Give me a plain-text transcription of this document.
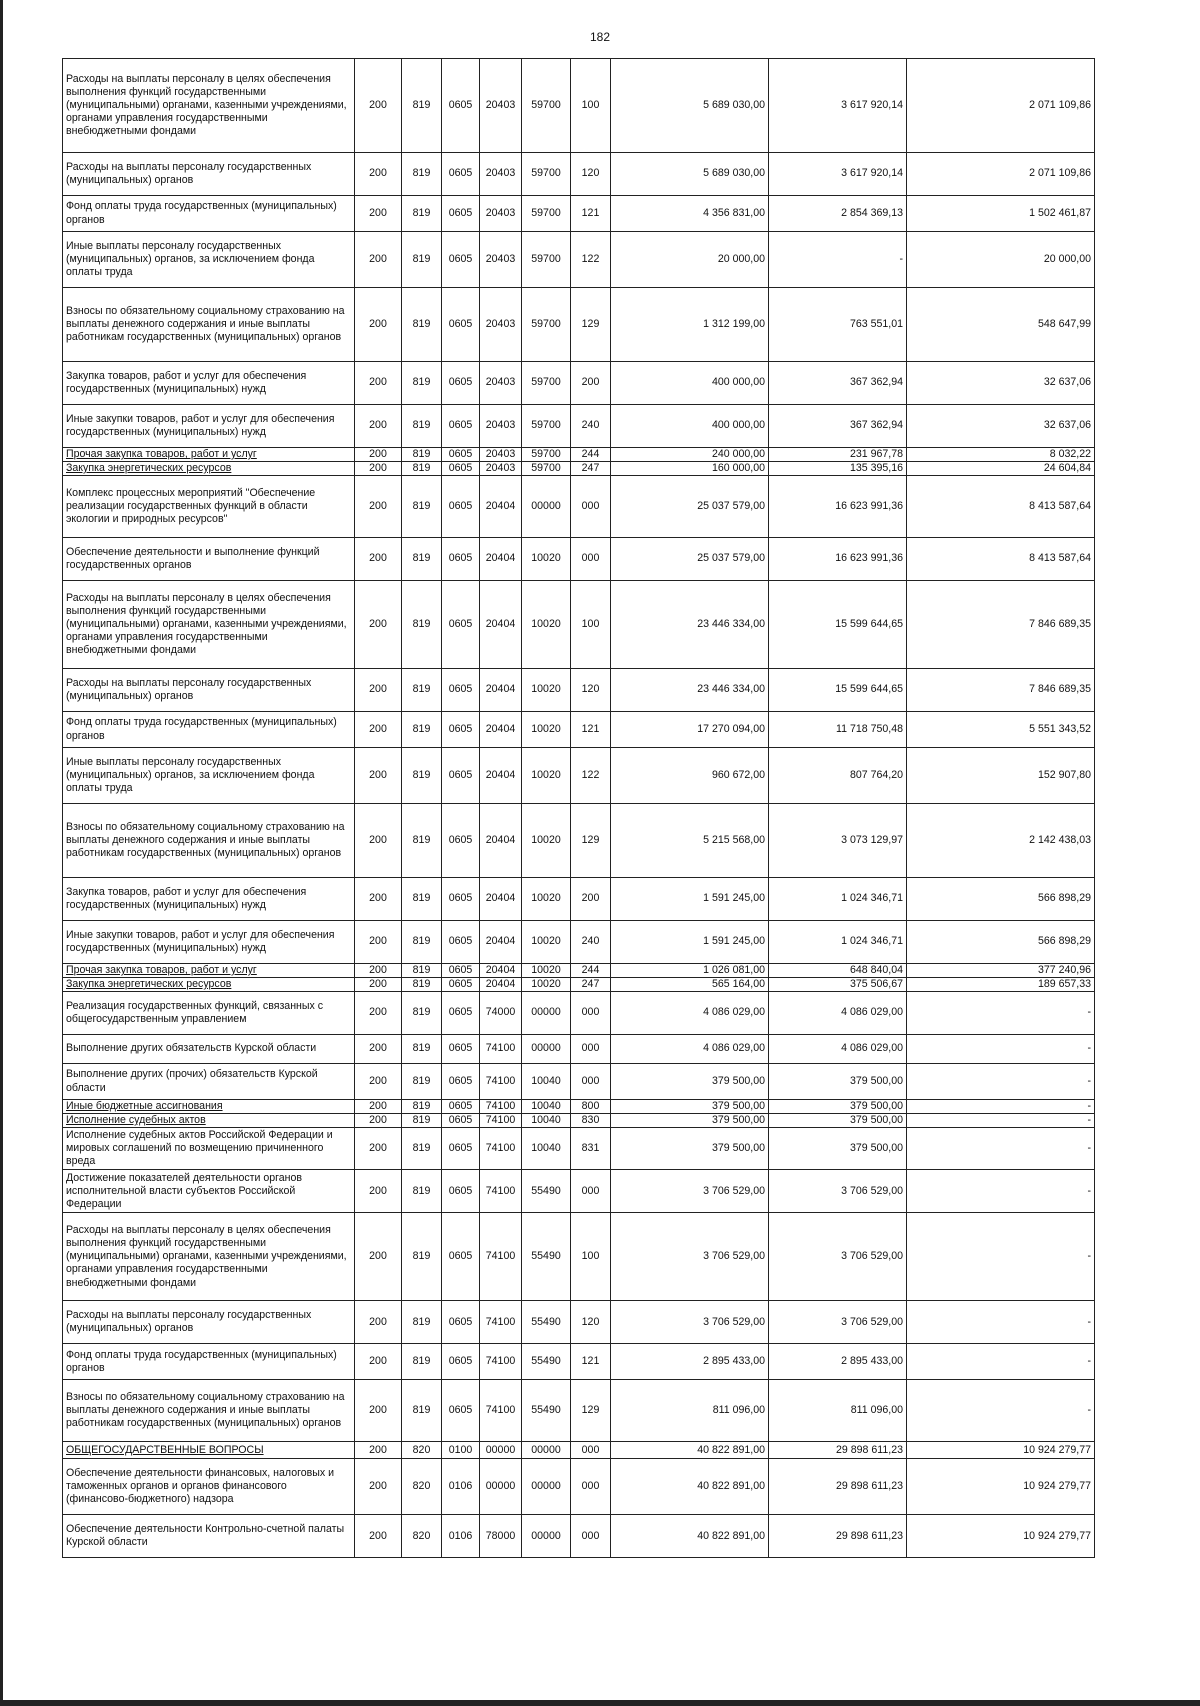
182
Расходы на выплаты персоналу в целях обеспечения выполнения функций государственными (муниципальными) органами, казенными учреждениями, органами управления государственными внебюджетными фондами	200	819	0605	20403	59700	100	5 689 030,00	3 617 920,14	2 071 109,86
Расходы на выплаты персоналу государственных (муниципальных) органов	200	819	0605	20403	59700	120	5 689 030,00	3 617 920,14	2 071 109,86
Фонд оплаты труда государственных (муниципальных) органов	200	819	0605	20403	59700	121	4 356 831,00	2 854 369,13	1 502 461,87
Иные выплаты персоналу государственных (муниципальных) органов, за исключением фонда оплаты труда	200	819	0605	20403	59700	122	20 000,00	-	20 000,00
Взносы по обязательному социальному страхованию на выплаты денежного содержания и иные выплаты работникам государственных (муниципальных) органов	200	819	0605	20403	59700	129	1 312 199,00	763 551,01	548 647,99
Закупка товаров, работ и услуг для обеспечения государственных (муниципальных) нужд	200	819	0605	20403	59700	200	400 000,00	367 362,94	32 637,06
Иные закупки товаров, работ и услуг для обеспечения государственных (муниципальных) нужд	200	819	0605	20403	59700	240	400 000,00	367 362,94	32 637,06
Прочая закупка товаров, работ и услуг	200	819	0605	20403	59700	244	240 000,00	231 967,78	8 032,22
Закупка энергетических ресурсов	200	819	0605	20403	59700	247	160 000,00	135 395,16	24 604,84
Комплекс процессных мероприятий "Обеспечение реализации государственных функций в области экологии и природных ресурсов"	200	819	0605	20404	00000	000	25 037 579,00	16 623 991,36	8 413 587,64
Обеспечение деятельности и выполнение функций государственных органов	200	819	0605	20404	10020	000	25 037 579,00	16 623 991,36	8 413 587,64
Расходы на выплаты персоналу в целях обеспечения выполнения функций государственными (муниципальными) органами, казенными учреждениями, органами управления государственными внебюджетными фондами	200	819	0605	20404	10020	100	23 446 334,00	15 599 644,65	7 846 689,35
Расходы на выплаты персоналу государственных (муниципальных) органов	200	819	0605	20404	10020	120	23 446 334,00	15 599 644,65	7 846 689,35
Фонд оплаты труда государственных (муниципальных) органов	200	819	0605	20404	10020	121	17 270 094,00	11 718 750,48	5 551 343,52
Иные выплаты персоналу государственных (муниципальных) органов, за исключением фонда оплаты труда	200	819	0605	20404	10020	122	960 672,00	807 764,20	152 907,80
Взносы по обязательному социальному страхованию на выплаты денежного содержания и иные выплаты работникам государственных (муниципальных) органов	200	819	0605	20404	10020	129	5 215 568,00	3 073 129,97	2 142 438,03
Закупка товаров, работ и услуг для обеспечения государственных (муниципальных) нужд	200	819	0605	20404	10020	200	1 591 245,00	1 024 346,71	566 898,29
Иные закупки товаров, работ и услуг для обеспечения государственных (муниципальных) нужд	200	819	0605	20404	10020	240	1 591 245,00	1 024 346,71	566 898,29
Прочая закупка товаров, работ и услуг	200	819	0605	20404	10020	244	1 026 081,00	648 840,04	377 240,96
Закупка энергетических ресурсов	200	819	0605	20404	10020	247	565 164,00	375 506,67	189 657,33
Реализация государственных функций, связанных с общегосударственным управлением	200	819	0605	74000	00000	000	4 086 029,00	4 086 029,00	-
Выполнение других обязательств Курской области	200	819	0605	74100	00000	000	4 086 029,00	4 086 029,00	-
Выполнение других (прочих) обязательств Курской области	200	819	0605	74100	10040	000	379 500,00	379 500,00	-
Иные бюджетные ассигнования	200	819	0605	74100	10040	800	379 500,00	379 500,00	-
Исполнение судебных актов	200	819	0605	74100	10040	830	379 500,00	379 500,00	-
Исполнение судебных актов Российской Федерации и мировых соглашений по возмещению причиненного вреда	200	819	0605	74100	10040	831	379 500,00	379 500,00	-
Достижение показателей деятельности органов исполнительной власти субъектов Российской Федерации	200	819	0605	74100	55490	000	3 706 529,00	3 706 529,00	-
Расходы на выплаты персоналу в целях обеспечения выполнения функций государственными (муниципальными) органами, казенными учреждениями, органами управления государственными внебюджетными фондами	200	819	0605	74100	55490	100	3 706 529,00	3 706 529,00	-
Расходы на выплаты персоналу государственных (муниципальных) органов	200	819	0605	74100	55490	120	3 706 529,00	3 706 529,00	-
Фонд оплаты труда государственных (муниципальных) органов	200	819	0605	74100	55490	121	2 895 433,00	2 895 433,00	-
Взносы по обязательному социальному страхованию на выплаты денежного содержания и иные выплаты работникам государственных (муниципальных) органов	200	819	0605	74100	55490	129	811 096,00	811 096,00	-
ОБЩЕГОСУДАРСТВЕННЫЕ ВОПРОСЫ	200	820	0100	00000	00000	000	40 822 891,00	29 898 611,23	10 924 279,77
Обеспечение деятельности финансовых, налоговых и таможенных органов и органов финансового (финансово-бюджетного) надзора	200	820	0106	00000	00000	000	40 822 891,00	29 898 611,23	10 924 279,77
Обеспечение деятельности Контрольно-счетной палаты Курской области	200	820	0106	78000	00000	000	40 822 891,00	29 898 611,23	10 924 279,77
